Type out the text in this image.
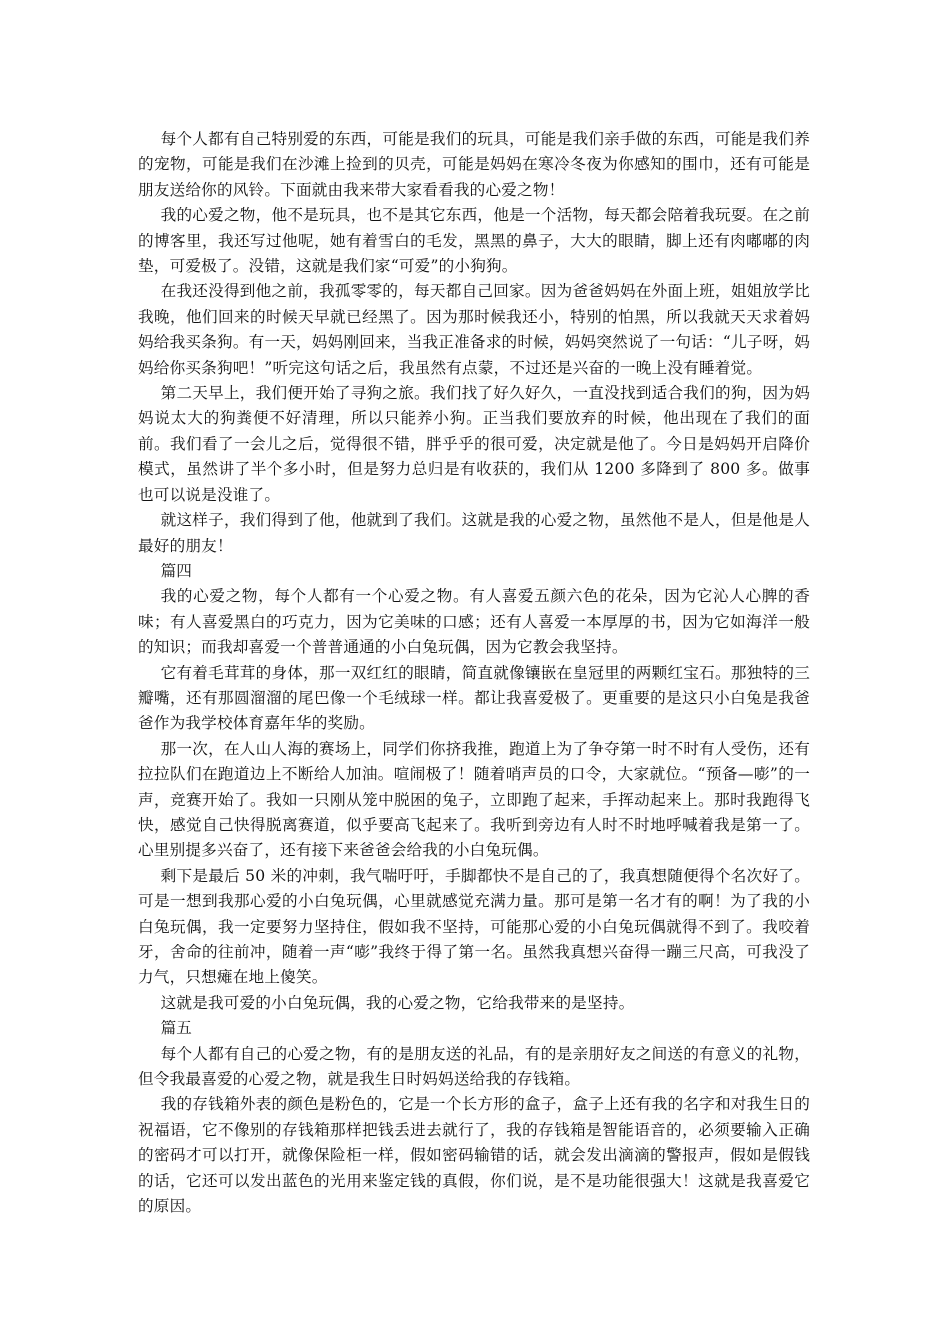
每个人都有自己特别爱的东西，可能是我们的玩具，可能是我们亲手做的东西，可能是我们养的宠物，可能是我们在沙滩上捡到的贝壳，可能是妈妈在寒冷冬夜为你感知的围巾，还有可能是朋友送给你的风铃。下面就由我来带大家看看我的心爱之物！

我的心爱之物，他不是玩具，也不是其它东西，他是一个活物，每天都会陪着我玩耍。在之前的博客里，我还写过他呢，她有着雪白的毛发，黑黑的鼻子，大大的眼睛，脚上还有肉嘟嘟的肉垫，可爱极了。没错，这就是我们家“可爱”的小狗狗。

在我还没得到他之前，我孤零零的，每天都自己回家。因为爸爸妈妈在外面上班，姐姐放学比我晚，他们回来的时候天早就已经黑了。因为那时候我还小，特别的怕黑，所以我就天天求着妈妈给我买条狗。有一天，妈妈刚回来，当我正准备求的时候，妈妈突然说了一句话：“儿子呀，妈妈给你买条狗吧！”听完这句话之后，我虽然有点蒙，不过还是兴奋的一晚上没有睡着觉。

第二天早上，我们便开始了寻狗之旅。我们找了好久好久，一直没找到适合我们的狗，因为妈妈说太大的狗粪便不好清理，所以只能养小狗。正当我们要放弃的时候，他出现在了我们的面前。我们看了一会儿之后，觉得很不错，胖乎乎的很可爱，决定就是他了。今日是妈妈开启降价模式，虽然讲了半个多小时，但是努力总归是有收获的，我们从 1200 多降到了 800 多。做事也可以说是没谁了。

就这样子，我们得到了他，他就到了我们。这就是我的心爱之物，虽然他不是人，但是他是人最好的朋友！

篇四

我的心爱之物，每个人都有一个心爱之物。有人喜爱五颜六色的花朵，因为它沁人心脾的香味；有人喜爱黑白的巧克力，因为它美味的口感；还有人喜爱一本厚厚的书，因为它如海洋一般的知识；而我却喜爱一个普普通通的小白兔玩偶，因为它教会我坚持。

它有着毛茸茸的身体，那一双红红的眼睛，简直就像镶嵌在皇冠里的两颗红宝石。那独特的三瓣嘴，还有那圆溜溜的尾巴像一个毛绒球一样。都让我喜爱极了。更重要的是这只小白兔是我爸爸作为我学校体育嘉年华的奖励。

那一次，在人山人海的赛场上，同学们你挤我推，跑道上为了争夺第一时不时有人受伤，还有拉拉队们在跑道边上不断给人加油。喧闹极了！随着哨声员的口令，大家就位。“预备—嘭”的一声，竞赛开始了。我如一只刚从笼中脱困的兔子，立即跑了起来，手挥动起来上。那时我跑得飞快，感觉自己快得脱离赛道，似乎要高飞起来了。我听到旁边有人时不时地呼喊着我是第一了。心里别提多兴奋了，还有接下来爸爸会给我的小白兔玩偶。

剩下是最后 50 米的冲刺，我气喘吁吁，手脚都快不是自己的了，我真想随便得个名次好了。可是一想到我那心爱的小白兔玩偶，心里就感觉充满力量。那可是第一名才有的啊！为了我的小白兔玩偶，我一定要努力坚持住，假如我不坚持，可能那心爱的小白兔玩偶就得不到了。我咬着牙，舍命的往前冲，随着一声“嘭”我终于得了第一名。虽然我真想兴奋得一蹦三尺高，可我没了力气，只想瘫在地上傻笑。

这就是我可爱的小白兔玩偶，我的心爱之物，它给我带来的是坚持。

篇五

每个人都有自己的心爱之物，有的是朋友送的礼品，有的是亲朋好友之间送的有意义的礼物，但令我最喜爱的心爱之物，就是我生日时妈妈送给我的存钱箱。

我的存钱箱外表的颜色是粉色的，它是一个长方形的盒子，盒子上还有我的名字和对我生日的祝福语，它不像别的存钱箱那样把钱丢进去就行了，我的存钱箱是智能语音的，必须要输入正确的密码才可以打开，就像保险柜一样，假如密码输错的话，就会发出滴滴的警报声，假如是假钱的话，它还可以发出蓝色的光用来鉴定钱的真假，你们说，是不是功能很强大！这就是我喜爱它的原因。
